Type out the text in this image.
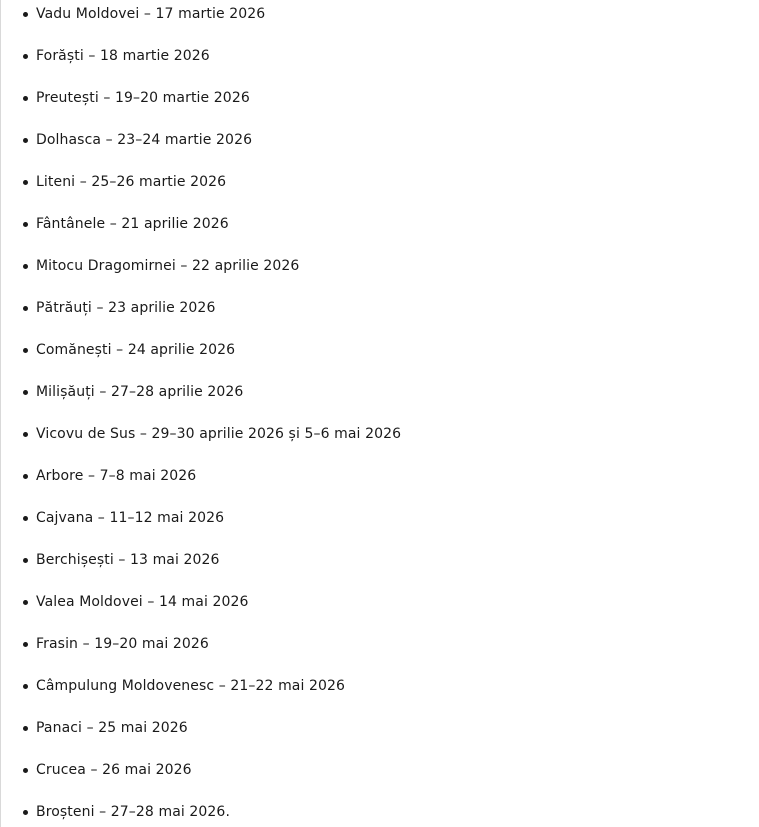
Vadu Moldovei – 17 martie 2026
Forăști – 18 martie 2026
Preutești – 19–20 martie 2026
Dolhasca – 23–24 martie 2026
Liteni – 25–26 martie 2026
Fântânele – 21 aprilie 2026
Mitocu Dragomirnei – 22 aprilie 2026
Pătrăuți – 23 aprilie 2026
Comănești – 24 aprilie 2026
Milișăuți – 27–28 aprilie 2026
Vicovu de Sus – 29–30 aprilie 2026 și 5–6 mai 2026
Arbore – 7–8 mai 2026
Cajvana – 11–12 mai 2026
Berchișești – 13 mai 2026
Valea Moldovei – 14 mai 2026
Frasin – 19–20 mai 2026
Câmpulung Moldovenesc – 21–22 mai 2026
Panaci – 25 mai 2026
Crucea – 26 mai 2026
Broșteni – 27–28 mai 2026.
